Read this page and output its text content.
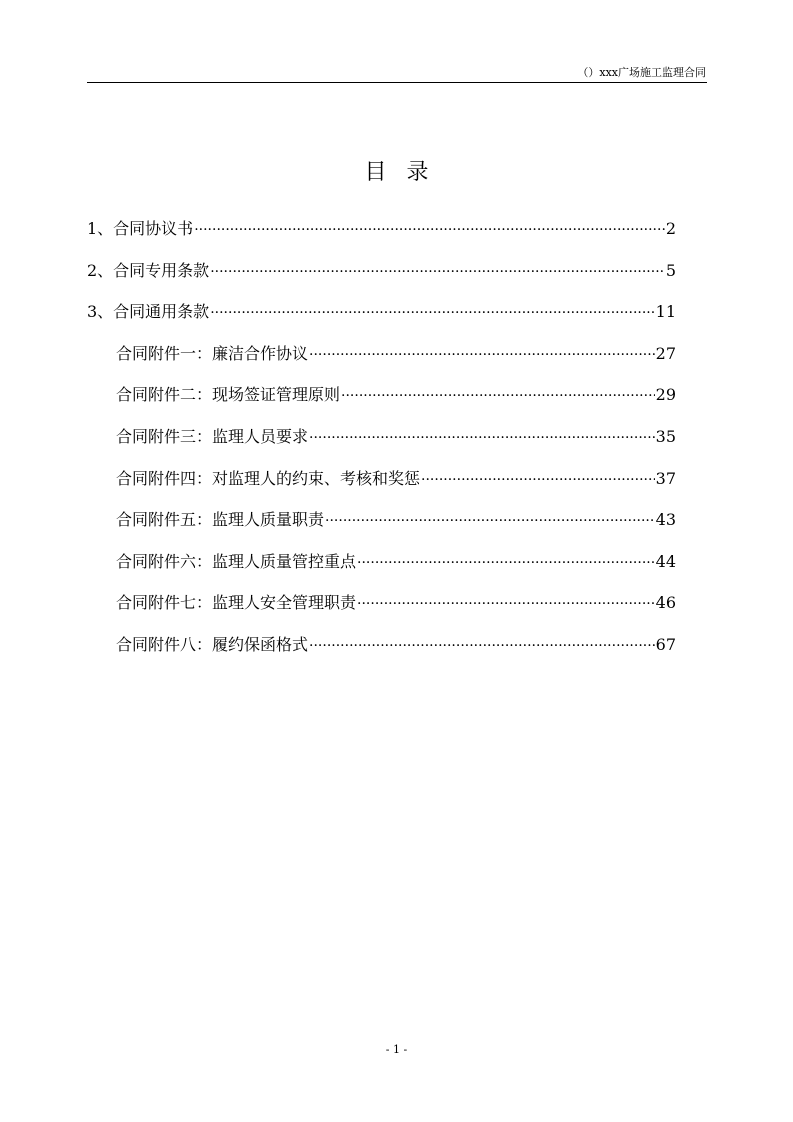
（）xxx广场施工监理合同
目录
1、合同协议书 ·····	2
2、合同专用条款 ·····	5
3、合同通用条款 ·····	11
合同附件一：廉洁合作协议 ·····	27
合同附件二：现场签证管理原则 ·····	29
合同附件三：监理人员要求 ·····	35
合同附件四：对监理人的约束、考核和奖惩 ·····	37
合同附件五：监理人质量职责 ·····	43
合同附件六：监理人质量管控重点 ·····	44
合同附件七：监理人安全管理职责 ·····	46
合同附件八：履约保函格式 ·····	67
- 1 -
